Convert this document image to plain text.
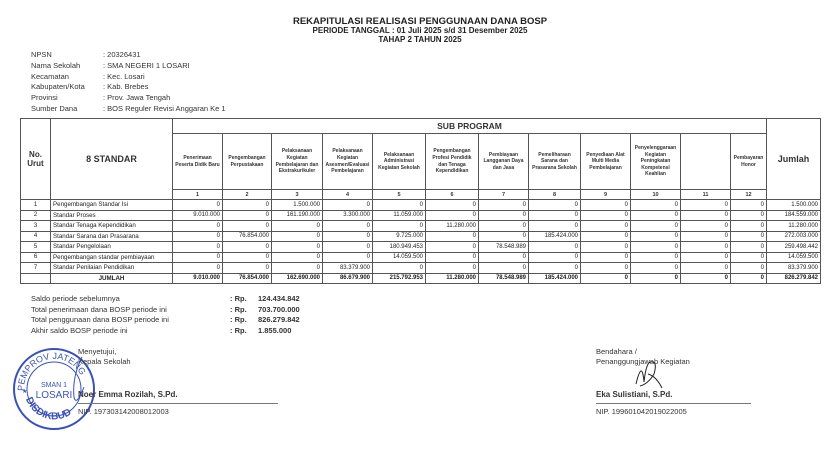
REKAPITULASI REALISASI PENGGUNAAN DANA BOSP
PERIODE TANGGAL : 01 Juli 2025 s/d 31 Desember 2025
TAHAP 2 TAHUN 2025
NPSN	: 20326431
Nama Sekolah	: SMA NEGERI 1 LOSARI
Kecamatan	: Kec. Losari
Kabupaten/Kota	: Kab. Brebes
Provinsi	: Prov. Jawa Tengah
Sumber Dana	: BOS Reguler Revisi Anggaran Ke 1
No. Urut	8 STANDAR	SUB PROGRAM												Jumlah
		Penerimaan Peserta Didik Baru	Pengembangan Perpustakaan	Pelaksanaan Kegiatan Pembelajaran dan Ekstrakurikuler	Pelaksanaan Kegiatan Asesmen/Evaluasi Pembelajaran	Pelaksanaan Administrasi Kegiatan Sekolah	Pengembangan Profesi Pendidik dan Tenaga Kependidikan	Pembiayaan Langganan Daya dan Jasa	Pemeliharaan Sarana dan Prasarana Sekolah	Penyediaan Alat Multi Media Pembelajaran	Penyelenggaraan Kegiatan Peningkatan Kompetensi Keahlian		Pembayaran Honor	
		1	2	3	4	5	6	7	8	9	10	11	12	
1	Pengembangan Standar Isi	0	0	1.500.000	0	0	0	0	0	0	0	0	0	1.500.000
2	Standar Proses	9.010.000	0	161.190.000	3.300.000	11.059.000	0	0	0	0	0	0	0	184.559.000
3	Standar Tenaga Kependidikan	0	0	0	0	0	11.280.000	0	0	0	0	0	0	11.280.000
4	Standar Sarana dan Prasarana	0	76.854.000	0	0	9.725.000	0	0	185.424.000	0	0	0	0	272.003.000
5	Standar Pengelolaan	0	0	0	0	180.949.453	0	78.548.989	0	0	0	0	0	259.498.442
6	Pengembangan standar pembiayaan	0	0	0	0	14.059.500	0	0	0	0	0	0	0	14.059.500
7	Standar Penilaian Pendidikan	0	0	0	83.379.900	0	0	0	0	0	0	0	0	83.379.900
	JUMLAH	9.010.000	76.854.000	162.690.000	86.679.900	215.792.953	11.280.000	78.548.989	185.424.000	0	0	0	0	826.279.842
Saldo periode sebelumnya	: Rp.	124.434.842
Total penerimaan dana BOSP periode ini	: Rp.	703.700.000
Total penggunaan dana BOSP periode ini	: Rp.	826.279.842
Akhir saldo BOSP periode ini	: Rp.	1.855.000
PEMPROV JATENG
DISDIKBUD
SMAN 1
LOSARI
★
Menyetujui,
Kepala Sekolah
Noer Emma Rozilah, S.Pd.
NIP. 197303142008012003
Bendahara /
Penanggungjawab Kegiatan
Eka Sulistiani, S.Pd.
NIP. 199601042019022005
